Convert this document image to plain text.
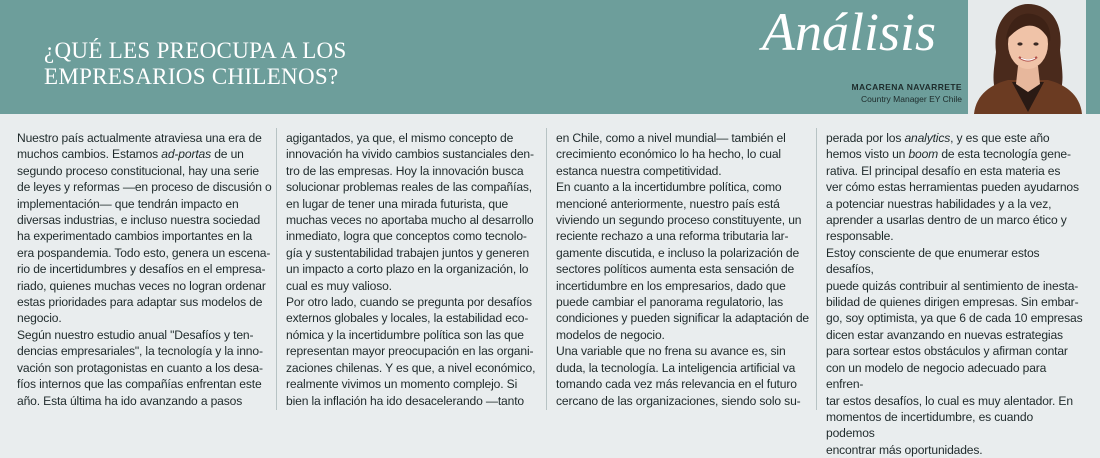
¿QUÉ LES PREOCUPA A LOS
EMPRESARIOS CHILENOS?
Análisis
MACARENA NAVARRETE
Country Manager EY Chile

Nuestro país actualmente atraviesa una era de

muchos cambios. Estamos ad-portas de un

segundo proceso constitucional, hay una serie

de leyes y reformas —en proceso de discusión o

implementación— que tendrán impacto en

diversas industrias, e incluso nuestra sociedad

ha experimentado cambios importantes en la

era pospandemia. Todo esto, genera un escena-

rio de incertidumbres y desafíos en el empresa-

riado, quienes muchas veces no logran ordenar

estas prioridades para adaptar sus modelos de

negocio.

Según nuestro estudio anual "Desafíos y ten-

dencias empresariales", la tecnología y la inno-

vación son protagonistas en cuanto a los desa-

fíos internos que las compañías enfrentan este

año. Esta última ha ido avanzando a pasos

agigantados, ya que, el mismo concepto de

innovación ha vivido cambios sustanciales den-

tro de las empresas. Hoy la innovación busca

solucionar problemas reales de las compañías,

en lugar de tener una mirada futurista, que

muchas veces no aportaba mucho al desarrollo

inmediato, logra que conceptos como tecnolo-

gía y sustentabilidad trabajen juntos y generen

un impacto a corto plazo en la organización, lo

cual es muy valioso.

Por otro lado, cuando se pregunta por desafíos

externos globales y locales, la estabilidad eco-

nómica y la incertidumbre política son las que

representan mayor preocupación en las organi-

zaciones chilenas. Y es que, a nivel económico,

realmente vivimos un momento complejo. Si

bien la inflación ha ido desacelerando —tanto

en Chile, como a nivel mundial— también el

crecimiento económico lo ha hecho, lo cual

estanca nuestra competitividad.

En cuanto a la incertidumbre política, como

mencioné anteriormente, nuestro país está

viviendo un segundo proceso constituyente, un

reciente rechazo a una reforma tributaria lar-

gamente discutida, e incluso la polarización de

sectores políticos aumenta esta sensación de

incertidumbre en los empresarios, dado que

puede cambiar el panorama regulatorio, las

condiciones y pueden significar la adaptación de

modelos de negocio.

Una variable que no frena su avance es, sin

duda, la tecnología. La inteligencia artificial va

tomando cada vez más relevancia en el futuro

cercano de las organizaciones, siendo solo su-

perada por los analytics, y es que este año

hemos visto un boom de esta tecnología gene-

rativa. El principal desafío en esta materia es

ver cómo estas herramientas pueden ayudarnos

a potenciar nuestras habilidades y a la vez,

aprender a usarlas dentro de un marco ético y

responsable.

Estoy consciente de que enumerar estos desafíos,

puede quizás contribuir al sentimiento de inesta-

bilidad de quienes dirigen empresas. Sin embar-

go, soy optimista, ya que 6 de cada 10 empresas

dicen estar avanzando en nuevas estrategias

para sortear estos obstáculos y afirman contar

con un modelo de negocio adecuado para enfren-

tar estos desafíos, lo cual es muy alentador. En

momentos de incertidumbre, es cuando podemos

encontrar más oportunidades.
